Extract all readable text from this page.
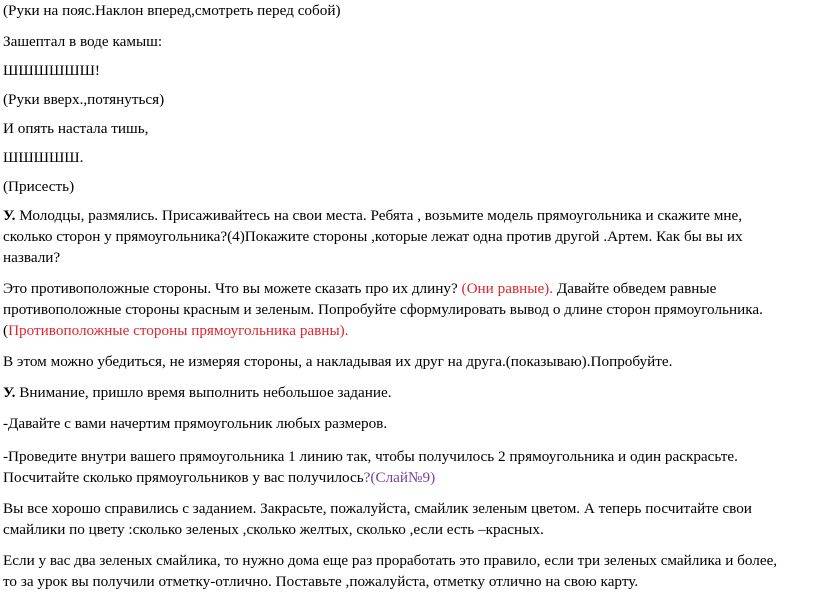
(Руки на пояс.Наклон вперед,смотреть перед собой)

Зашептал в воде камыш:

ШШШШШШ!

(Руки вверх.,потянуться)

И опять настала тишь,

ШШШШШ.

(Присесть)

У. Молодцы, размялись. Присаживайтесь на свои места. Ребята , возьмите модель прямоугольника и скажите мне, сколько сторон у прямоугольника?(4)Покажите стороны ,которые лежат одна против другой .Артем. Как бы вы их назвали?

Это противоположные стороны. Что вы можете сказать про их длину? (Они равные). Давайте обведем равные противоположные стороны красным и зеленым. Попробуйте сформулировать вывод о длине сторон прямоугольника.(Противоположные стороны прямоугольника равны).

В этом можно убедиться, не измеряя стороны, а накладывая их друг на друга.(показываю).Попробуйте.

У. Внимание, пришло время выполнить небольшое задание.

-Давайте с вами начертим прямоугольник любых размеров.

-Проведите внутри вашего прямоугольника 1 линию так, чтобы получилось 2 прямоугольника и один раскрасьте. Посчитайте сколько прямоугольников у вас получилось?(Слай№9)

Вы все хорошо справились с заданием. Закрасьте, пожалуйста, смайлик зеленым цветом. А теперь посчитайте свои смайлики по цвету :сколько зеленых ,сколько желтых, сколько ,если есть –красных.

Если у вас два зеленых смайлика, то нужно дома еще раз проработать это правило, если три зеленых смайлика и более, то за урок вы получили отметку-отлично. Поставьте ,пожалуйста, отметку отлично на свою карту.
